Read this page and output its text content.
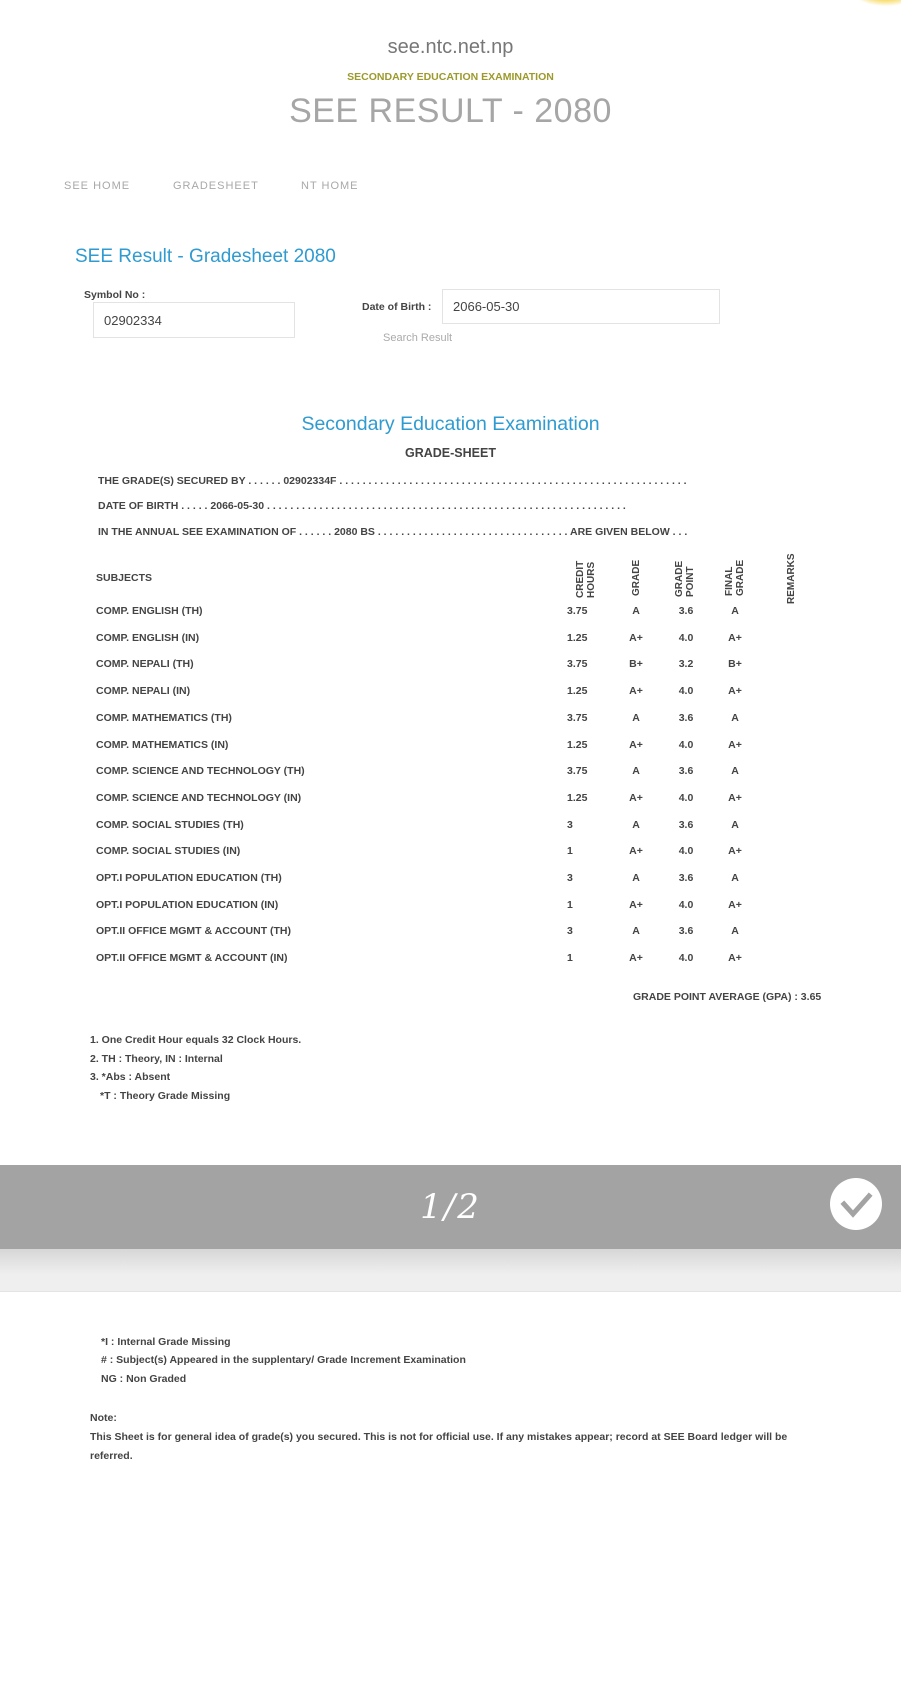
see.ntc.net.np
SECONDARY EDUCATION EXAMINATION
SEE RESULT - 2080
SEE HOME	GRADESHEET	NT HOME
SEE Result - Gradesheet 2080
Symbol No :
02902334
Date of Birth : 2066-05-30
Search Result
Secondary Education Examination
GRADE-SHEET
THE GRADE(S) SECURED BY . . . . . . 02902334F . . . . . . . . . . . . . . . . . . . . . . . . . . . . . . . . . . . . . . . . . . . . . . . . . . . . . . . . . . . .
DATE OF BIRTH . . . . . 2066-05-30 . . . . . . . . . . . . . . . . . . . . . . . . . . . . . . . . . . . . . . . . . . . . . . . . . . . . . . . . . . . . . .
IN THE ANNUAL SEE EXAMINATION OF . . . . . . 2080 BS . . . . . . . . . . . . . . . . . . . . . . . . . . . . . . . . . ARE GIVEN BELOW . . .
SUBJECTS	CREDIT HOURS	GRADE	GRADE POINT	FINAL GRADE	REMARKS
COMP. ENGLISH (TH)	3.75	A	3.6	A
COMP. ENGLISH (IN)	1.25	A+	4.0	A+
COMP. NEPALI (TH)	3.75	B+	3.2	B+
COMP. NEPALI (IN)	1.25	A+	4.0	A+
COMP. MATHEMATICS (TH)	3.75	A	3.6	A
COMP. MATHEMATICS (IN)	1.25	A+	4.0	A+
COMP. SCIENCE AND TECHNOLOGY (TH)	3.75	A	3.6	A
COMP. SCIENCE AND TECHNOLOGY (IN)	1.25	A+	4.0	A+
COMP. SOCIAL STUDIES (TH)	3	A	3.6	A
COMP. SOCIAL STUDIES (IN)	1	A+	4.0	A+
OPT.I POPULATION EDUCATION (TH)	3	A	3.6	A
OPT.I POPULATION EDUCATION (IN)	1	A+	4.0	A+
OPT.II OFFICE MGMT & ACCOUNT (TH)	3	A	3.6	A
OPT.II OFFICE MGMT & ACCOUNT (IN)	1	A+	4.0	A+
GRADE POINT AVERAGE (GPA) : 3.65
1. One Credit Hour equals 32 Clock Hours.
2. TH : Theory, IN : Internal
3. *Abs : Absent
*T : Theory Grade Missing
1/2
*I : Internal Grade Missing
# : Subject(s) Appeared in the supplentary/ Grade Increment Examination
NG : Non Graded
Note:
This Sheet is for general idea of grade(s) you secured. This is not for official use. If any mistakes appear; record at SEE Board ledger will be referred.
